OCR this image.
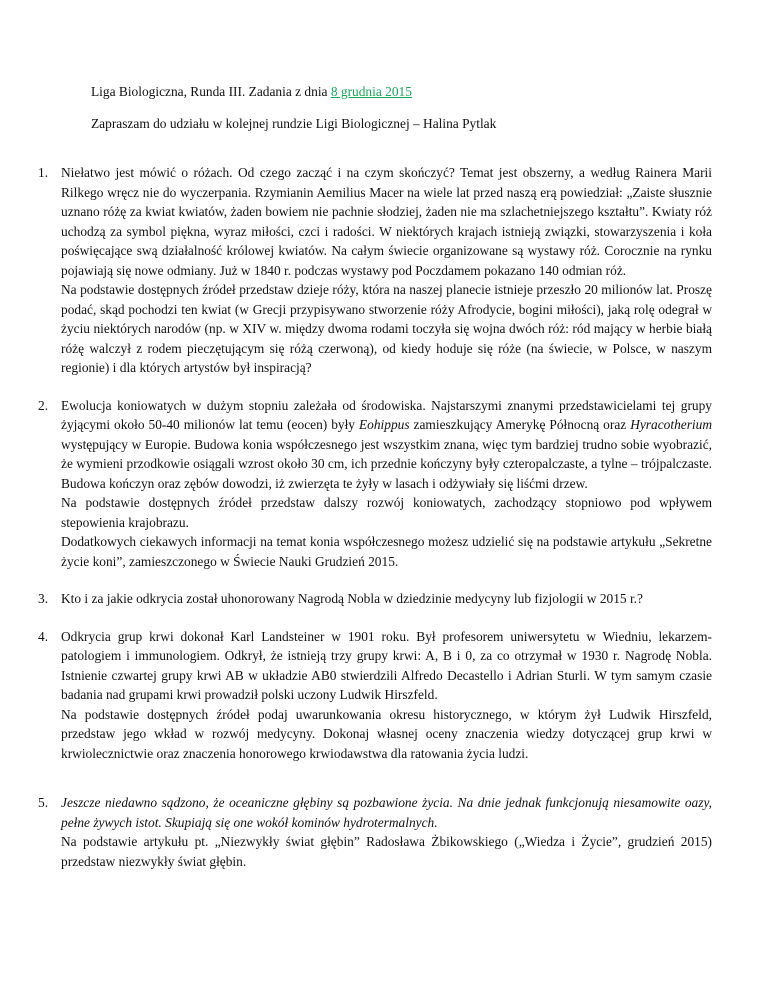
Liga Biologiczna, Runda III. Zadania z dnia 8 grudnia 2015
Zapraszam do udziału w kolejnej rundzie Ligi Biologicznej – Halina Pytlak
1. Niełatwo jest mówić o różach. Od czego zacząć i na czym skończyć? Temat jest obszerny, a według Rainera Marii Rilkego wręcz nie do wyczerpania. Rzymianin Aemilius Macer na wiele lat przed naszą erą powiedział: „Zaiste słusznie uznano różę za kwiat kwiatów, żaden bowiem nie pachnie słodziej, żaden nie ma szlachetniejszego kształtu”. Kwiaty róż uchodzą za symbol piękna, wyraz miłości, czci i radości. W niektórych krajach istnieją związki, stowarzyszenia i koła poświęcające swą działalność królowej kwiatów. Na całym świecie organizowane są wystawy róż. Corocznie na rynku pojawiają się nowe odmiany. Już w 1840 r. podczas wystawy pod Poczdamem pokazano 140 odmian róż.

Na podstawie dostępnych źródeł przedstaw dzieje róży, która na naszej planecie istnieje przeszło 20 milionów lat. Proszę podać, skąd pochodzi ten kwiat (w Grecji przypisywano stworzenie róży Afrodycie, bogini miłości), jaką rolę odegrał w życiu niektórych narodów (np. w XIV w. między dwoma rodami toczyła się wojna dwóch róż: ród mający w herbie białą różę walczył z rodem pieczętującym się różą czerwoną), od kiedy hoduje się róże (na świecie, w Polsce, w naszym regionie) i dla których artystów był inspiracją?

2. Ewolucja koniowatych w dużym stopniu zależała od środowiska. Najstarszymi znanymi przedstawicielami tej grupy żyjącymi około 50-40 milionów lat temu (eocen) były Eohippus zamieszkujący Amerykę Północną oraz Hyracotherium występujący w Europie. Budowa konia współczesnego jest wszystkim znana, więc tym bardziej trudno sobie wyobrazić, że wymieni przodkowie osiągali wzrost około 30 cm, ich przednie kończyny były czteropalczaste, a tylne – trójpalczaste. Budowa kończyn oraz zębów dowodzi, iż zwierzęta te żyły w lasach i odżywiały się liśćmi drzew.

Na podstawie dostępnych źródeł przedstaw dalszy rozwój koniowatych, zachodzący stopniowo pod wpływem stepowienia krajobrazu.

Dodatkowych ciekawych informacji na temat konia współczesnego możesz udzielić się na podstawie artykułu „Sekretne życie koni”, zamieszczonego w Świecie Nauki Grudzień 2015.

3. Kto i za jakie odkrycia został uhonorowany Nagrodą Nobla w dziedzinie medycyny lub fizjologii w 2015 r.?

4. Odkrycia grup krwi dokonał Karl Landsteiner w 1901 roku. Był profesorem uniwersytetu w Wiedniu, lekarzem-patologiem i immunologiem. Odkrył, że istnieją trzy grupy krwi: A, B i 0, za co otrzymał w 1930 r. Nagrodę Nobla. Istnienie czwartej grupy krwi AB w układzie AB0 stwierdzili Alfredo Decastello i Adrian Sturli. W tym samym czasie badania nad grupami krwi prowadził polski uczony Ludwik Hirszfeld.

Na podstawie dostępnych źródeł podaj uwarunkowania okresu historycznego, w którym żył Ludwik Hirszfeld, przedstaw jego wkład w rozwój medycyny. Dokonaj własnej oceny znaczenia wiedzy dotyczącej grup krwi w krwiolecznictwie oraz znaczenia honorowego krwiodawstwa dla ratowania życia ludzi.

5. Jeszcze niedawno sądzono, że oceaniczne głębiny są pozbawione życia. Na dnie jednak funkcjonują niesamowite oazy, pełne żywych istot. Skupiają się one wokół kominów hydrotermalnych.

Na podstawie artykułu pt. „Niezwykły świat głębin” Radosława Żbikowskiego („Wiedza i Życie”, grudzień 2015) przedstaw niezwykły świat głębin.
